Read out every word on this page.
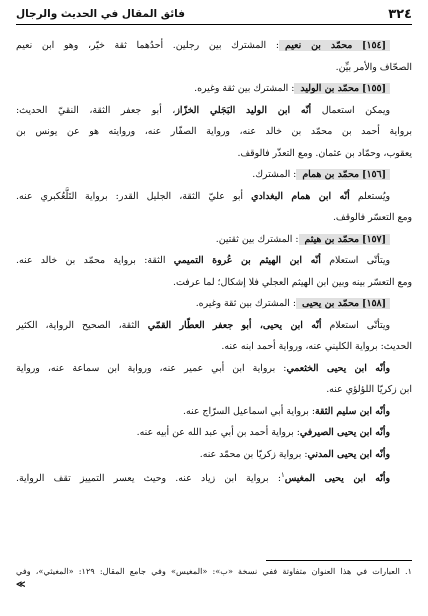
٣٢٤
فائق المقال في الحديث والرجال
[١٥٤] محمّد بن نعيم: المشترك بين رجلين. أحدُهما ثقة خيّر، وهو ابن نعيم
الصحّاف والأمر بيِّن.
[١٥٥] محمّد بن الوليد: المشترك بين ثقة وغيره.
ويمكن استعمال أنّه ابن الوليد البَجَلي الخزّاز، أبو جعفر الثقة، النقيّ الحديث:
برواية أحمد بن محمّد بن خالد عنه، ورواية الصفّار عنه، وروايته هو عن يونس بن
يعقوب، وحمّاد بن عثمان. ومع التعذّر فالوقف.
[١٥٦] محمّد بن همام: المشترك.
ويُستعلم أنّه ابن همام البغدادي أبو عليّ الثقة، الجليل القدر: برواية التَلَّعُكبري عنه.
ومع التعسّر فالوقف.
[١٥٧] محمّد بن هيثم: المشترك بين ثقتين.
ويتأتّى استعلام أنّه ابن الهيثم بن عُروة التميمي الثقة: برواية محمّد بن خالد عنه.
ومع التعسّر بينه وبين ابن الهيثم العجلي فلا إشكال؛ لما عرفت.
[١٥٨] محمّد بن يحيى: المشترك بين ثقة وغيره.
ويتأتّى استعلام أنّه ابن يحيى، أبو جعفر العطّار القمّي الثقة، الصحيح الرواية، الكثير
الحديث: برواية الكليني عنه، ورواية أحمد ابنه عنه.
وأنّه ابن يحيى الخثعمي: برواية ابن أبي عمير عنه، ورواية ابن سماعة عنه، ورواية
ابن زكريّا اللؤلؤي عنه.
وأنّه ابن سليم الثقة: برواية أبي اسماعيل السرّاج عنه.
وأنّه ابن يحيى الصيرفي: برواية أحمد بن أبي عبد الله عن أبيه عنه.
وأنّه ابن يحيى المدني: برواية زكريّا بن محمّد عنه.
وأنّه ابن يحيى المغيس$^١$: برواية ابن زياد عنه. وحيث يعسر التمييز تقف الرواية.
١. العبارات في هذا العنوان متفاوتة ففي نسخة «ب»: «المغيس» وفي جامع المقال: ١٢٩: «المغيثي»، وفي
≪
